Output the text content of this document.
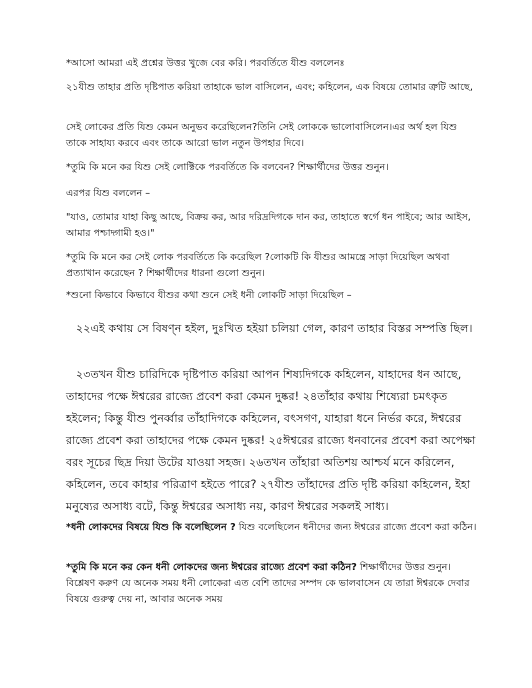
*আসো আমরা এই প্রশ্নের উত্তর খুজে বের করি। পরবর্তিতে যীশু বললেনঃ

২১যীশু তাহার প্রতি দৃষ্টিপাত করিয়া তাহাকে ভাল বাসিলেন, এবং; কহিলেন, এক বিষয়ে তোমার ত্রুটি আছে,

সেই লোকের প্রতি যিশু কেমন অনুভব করেছিলেন?তিনি সেই লোককে ভালোবাসিলেন।এর অর্থ হল যিশু তাকে সাহায্য করবে এবং তাকে আরো ভাল নতুন উপহার দিবে।

*তুমি কি মনে কর যিশু সেই লোক্টিকে পরবর্তিতে কি বলবেন? শিক্ষার্থীদের উত্তর শুনুন।

এরপর যিশু বললেন –

"যাও, তোমার যাহা কিছু আছে, বিক্রয় কর, আর দরিদ্রদিগকে দান কর, তাহাতে স্বর্গে ধন পাইবে; আর আইস, আমার পশ্চাদ্গামী হও।"

*তুমি কি মনে কর সেই লোক পরবর্তিতে কি করেছিল ?লোকটি কি যীশুর আমন্ত্রে সাড়া দিয়েছিল অথবা প্রত্যাখান করেছেন ? শিক্ষার্থীদের ধারনা গুলো শুনুন।

*শুনো কিভাবে কিভাবে যীশুর কথা শুনে সেই ধনী লোকটি সাড়া দিয়েছিল –

২২এই কথায় সে বিষণ্ন হইল, দুঃখিত হইয়া চলিয়া গেল, কারণ তাহার বিস্তর সম্পত্তি ছিল।

২৩তখন যীশু চারিদিকে দৃষ্টিপাত করিয়া আপন শিষ্যদিগকে কহিলেন, যাহাদের ধন আছে, তাহাদের পক্ষে ঈশ্বরের রাজ্যে প্রবেশ করা কেমন দুষ্কর! ২৪তাঁহার কথায় শিষ্যেরা চমৎকৃত হইলেন; কিন্তু যীশু পুনর্ব্বার তাঁহাদিগকে কহিলেন, বৎসগণ, যাহারা ধনে নির্ভর করে, ঈশ্বরের রাজ্যে প্রবেশ করা তাহাদের পক্ষে কেমন দুষ্কর! ২৫ঈশ্বরের রাজ্যে ধনবানের প্রবেশ করা অপেক্ষা বরং সূচের ছিদ্র দিয়া উটের যাওয়া সহজ। ২৬তখন তাঁহারা অতিশয় আশ্চর্য মনে করিলেন, কহিলেন, তবে কাহার পরিত্রাণ হইতে পারে? ২৭যীশু তাঁহাদের প্রতি দৃষ্টি করিয়া কহিলেন, ইহা মনুষ্যের অসাধ্য বটে, কিন্তু ঈশ্বরের অসাধ্য নয়, কারণ ঈশ্বরের সকলই সাধ্য।

*ধনী লোকদের বিষয়ে যিশু কি বলেছিলেন ? যিশু বলেছিলেন ধনীদের জন্য ঈশ্বরের রাজ্যে প্রবেশ করা কঠিন।

*তুমি কি মনে কর কেন ধনী লোকদের জন্য ঈশ্বরের রাজ্যে প্রবেশ করা কঠিন? শিক্ষার্থীদের উত্তর শুনুন। বিশ্লেষণ করুণ যে অনেক সময় ধনী লোকেরা এত বেশি তাদের সম্পদ কে ভালবাসেন যে তারা ঈশ্বরকে দেবার বিষয়ে গুরুত্ব দেয় না, আবার অনেক সময়
